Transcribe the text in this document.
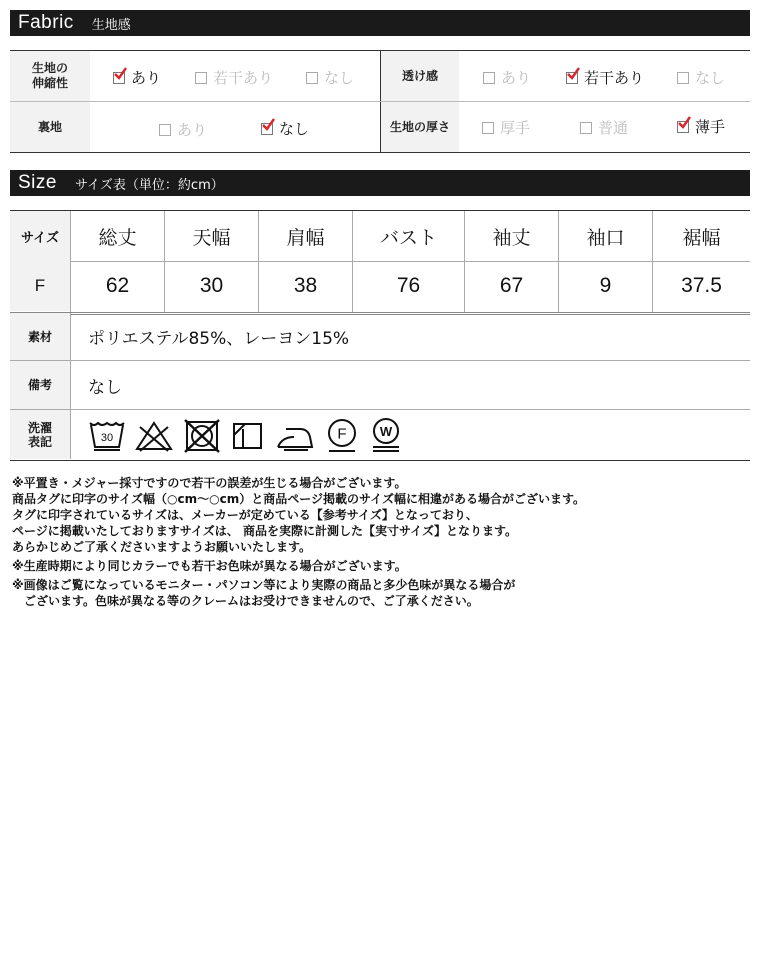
Fabric 生地感
生地の
伸縮性	あり	若干あり	なし	透け感	あり	若干あり	なし
裏地	あり	なし	生地の厚さ	厚手	普通	薄手
Size サイズ表（単位：約cm）
サイズ	総丈	天幅	肩幅	バスト	袖丈	袖口	裾幅
F	62	30	38	76	67	9	37.5
素材	ポリエステル85%、レーヨン15%
備考	なし
洗濯
表記	30	F	W
※平置き・メジャー採寸ですので若干の誤差が生じる場合がございます。
商品タグに印字のサイズ幅（○cm～○cm）と商品ページ掲載のサイズ幅に相違がある場合がございます。
タグに印字されているサイズは、メーカーが定めている【参考サイズ】となっており、
ページに掲載いたしておりますサイズは、 商品を実際に計測した【実寸サイズ】となります。
あらかじめご了承くださいますようお願いいたします。
※生産時期により同じカラーでも若干お色味が異なる場合がございます。
※画像はご覧になっているモニター・パソコン等により実際の商品と多少色味が異なる場合が
　ございます。色味が異なる等のクレームはお受けできませんので、ご了承ください。
